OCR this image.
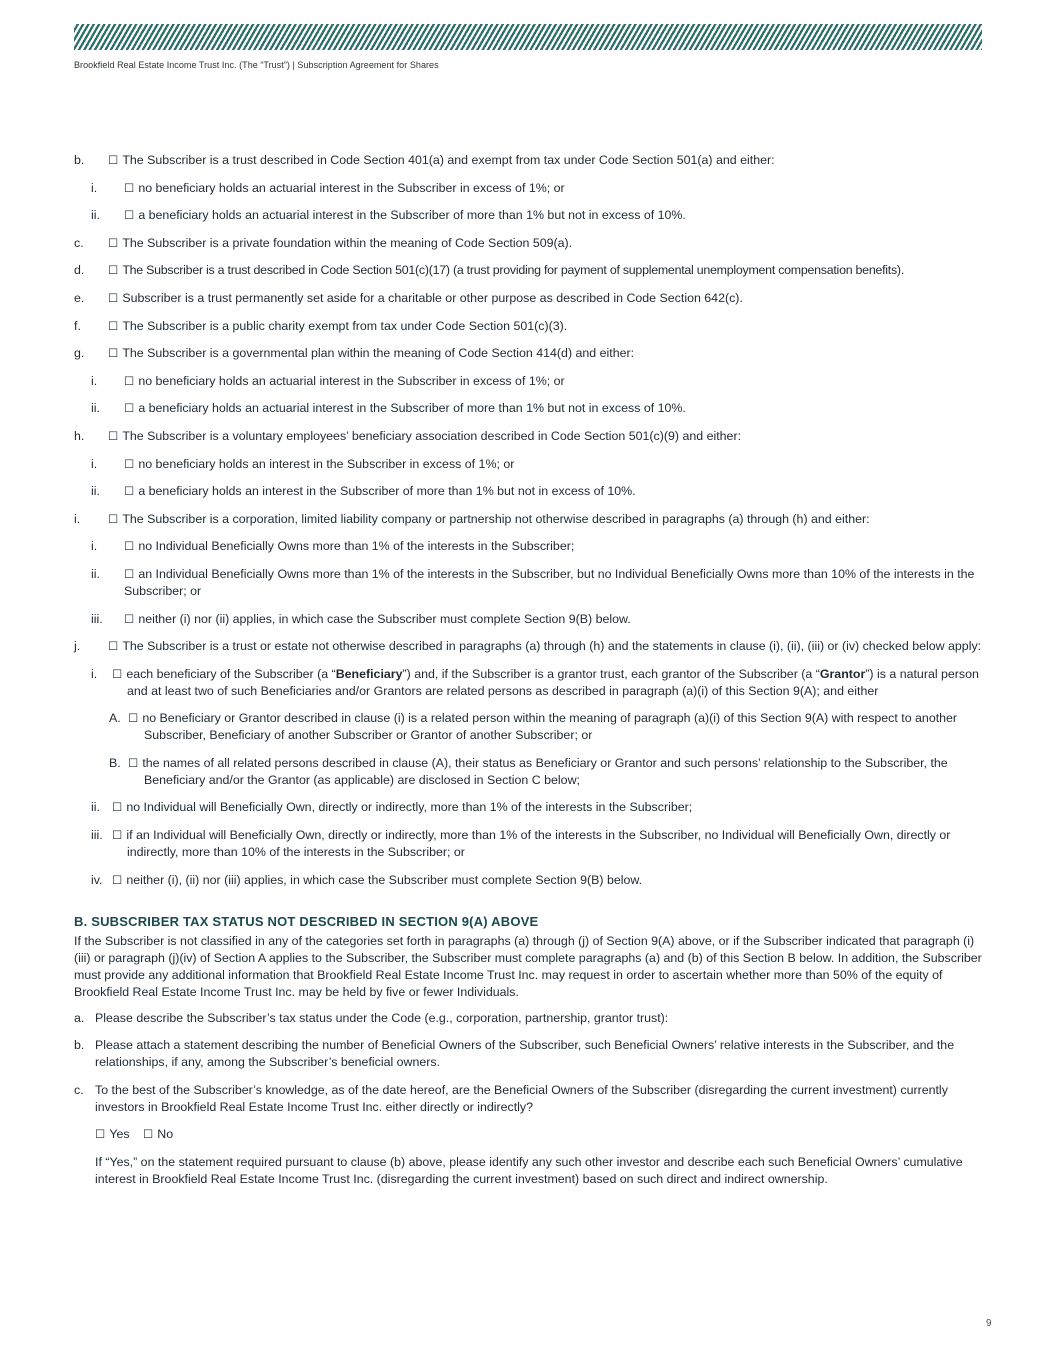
Brookfield Real Estate Income Trust Inc. (The “Trust”) | Subscription Agreement for Shares
b. ☐ The Subscriber is a trust described in Code Section 401(a) and exempt from tax under Code Section 501(a) and either:
i. ☐ no beneficiary holds an actuarial interest in the Subscriber in excess of 1%; or
ii. ☐ a beneficiary holds an actuarial interest in the Subscriber of more than 1% but not in excess of 10%.
c. ☐ The Subscriber is a private foundation within the meaning of Code Section 509(a).
d. ☐ The Subscriber is a trust described in Code Section 501(c)(17) (a trust providing for payment of supplemental unemployment compensation benefits).
e. ☐ Subscriber is a trust permanently set aside for a charitable or other purpose as described in Code Section 642(c).
f. ☐ The Subscriber is a public charity exempt from tax under Code Section 501(c)(3).
g. ☐ The Subscriber is a governmental plan within the meaning of Code Section 414(d) and either:
i. ☐ no beneficiary holds an actuarial interest in the Subscriber in excess of 1%; or
ii. ☐ a beneficiary holds an actuarial interest in the Subscriber of more than 1% but not in excess of 10%.
h. ☐ The Subscriber is a voluntary employees’ beneficiary association described in Code Section 501(c)(9) and either:
i. ☐ no beneficiary holds an interest in the Subscriber in excess of 1%; or
ii. ☐ a beneficiary holds an interest in the Subscriber of more than 1% but not in excess of 10%.
i. ☐ The Subscriber is a corporation, limited liability company or partnership not otherwise described in paragraphs (a) through (h) and either:
i. ☐ no Individual Beneficially Owns more than 1% of the interests in the Subscriber;
ii. ☐ an Individual Beneficially Owns more than 1% of the interests in the Subscriber, but no Individual Beneficially Owns more than 10% of the interests in the Subscriber; or
iii. ☐ neither (i) nor (ii) applies, in which case the Subscriber must complete Section 9(B) below.
j. ☐ The Subscriber is a trust or estate not otherwise described in paragraphs (a) through (h) and the statements in clause (i), (ii), (iii) or (iv) checked below apply:
i. ☐ each beneficiary of the Subscriber (a “Beneficiary”) and, if the Subscriber is a grantor trust, each grantor of the Subscriber (a “Grantor”) is a natural person and at least two of such Beneficiaries and/or Grantors are related persons as described in paragraph (a)(i) of this Section 9(A); and either
A. ☐ no Beneficiary or Grantor described in clause (i) is a related person within the meaning of paragraph (a)(i) of this Section 9(A) with respect to another Subscriber, Beneficiary of another Subscriber or Grantor of another Subscriber; or
B. ☐ the names of all related persons described in clause (A), their status as Beneficiary or Grantor and such persons’ relationship to the Subscriber, the Beneficiary and/or the Grantor (as applicable) are disclosed in Section C below;
ii. ☐ no Individual will Beneficially Own, directly or indirectly, more than 1% of the interests in the Subscriber;
iii. ☐ if an Individual will Beneficially Own, directly or indirectly, more than 1% of the interests in the Subscriber, no Individual will Beneficially Own, directly or indirectly, more than 10% of the interests in the Subscriber; or
iv. ☐ neither (i), (ii) nor (iii) applies, in which case the Subscriber must complete Section 9(B) below.
B. SUBSCRIBER TAX STATUS NOT DESCRIBED IN SECTION 9(A) ABOVE
If the Subscriber is not classified in any of the categories set forth in paragraphs (a) through (j) of Section 9(A) above, or if the Subscriber indicated that paragraph (i)(iii) or paragraph (j)(iv) of Section A applies to the Subscriber, the Subscriber must complete paragraphs (a) and (b) of this Section B below. In addition, the Subscriber must provide any additional information that Brookfield Real Estate Income Trust Inc. may request in order to ascertain whether more than 50% of the equity of Brookfield Real Estate Income Trust Inc. may be held by five or fewer Individuals.
a. Please describe the Subscriber’s tax status under the Code (e.g., corporation, partnership, grantor trust):
b. Please attach a statement describing the number of Beneficial Owners of the Subscriber, such Beneficial Owners’ relative interests in the Subscriber, and the relationships, if any, among the Subscriber’s beneficial owners.
c. To the best of the Subscriber’s knowledge, as of the date hereof, are the Beneficial Owners of the Subscriber (disregarding the current investment) currently investors in Brookfield Real Estate Income Trust Inc. either directly or indirectly?
☐ Yes ☐ No
If “Yes,” on the statement required pursuant to clause (b) above, please identify any such other investor and describe each such Beneficial Owners’ cumulative interest in Brookfield Real Estate Income Trust Inc. (disregarding the current investment) based on such direct and indirect ownership.
9
